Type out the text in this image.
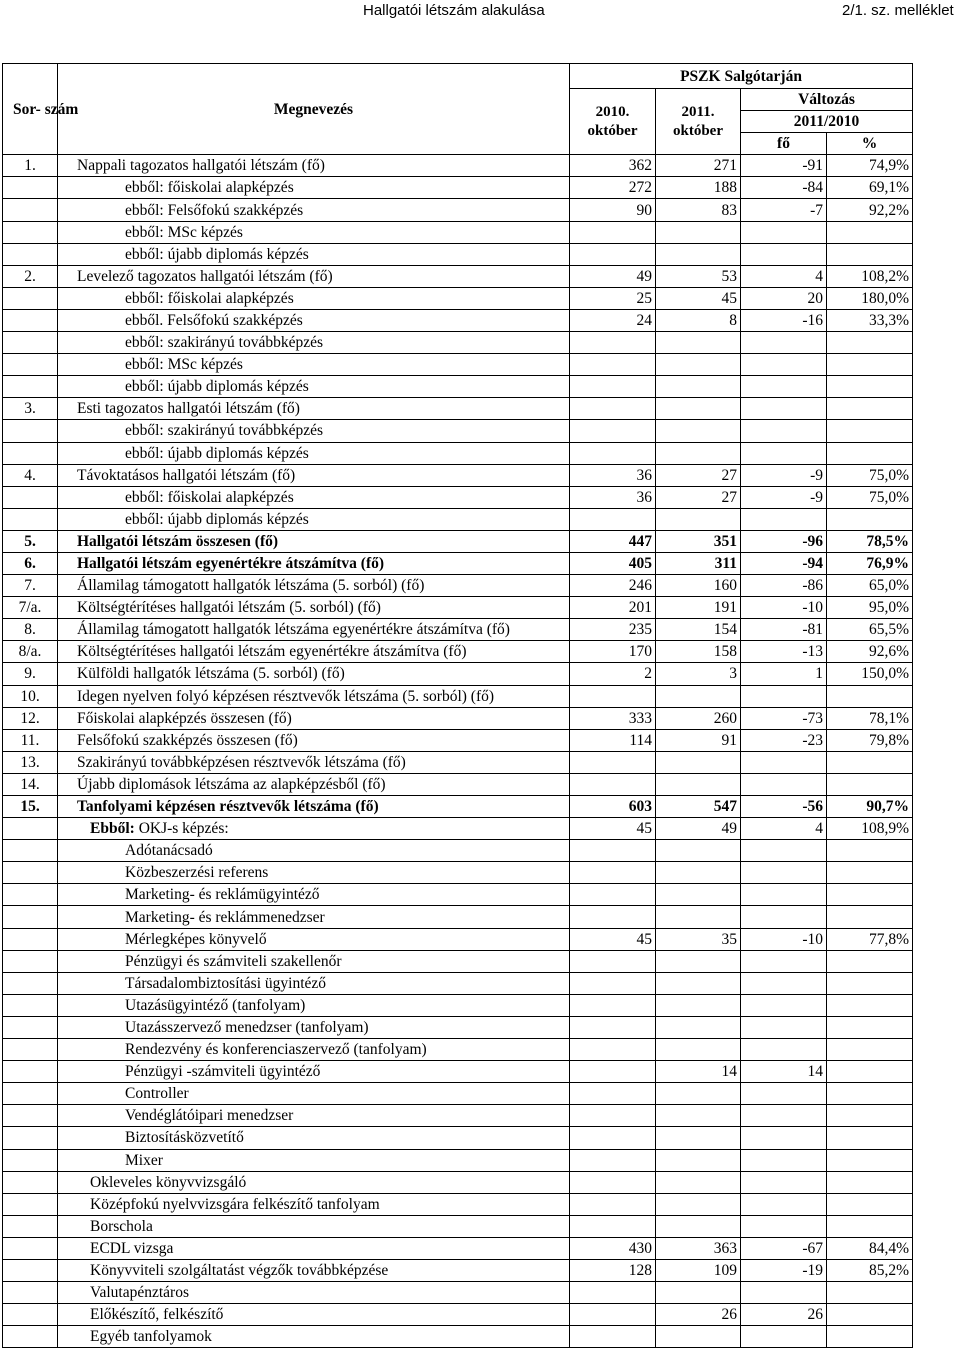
Hallgatói létszám alakulása	2/1. sz. melléklet
Sor- szám	Megnevezés	PSZK Salgótarján			
		2010. október	2011. október	Változás	
				2011/2010	
				fő	%
1.	Nappali tagozatos hallgatói létszám (fő)	362	271	-91	74,9%
	ebből: főiskolai alapképzés	272	188	-84	69,1%
	ebből: Felsőfokú szakképzés	90	83	-7	92,2%
	ebből: MSc képzés				
	ebből: újabb diplomás képzés				
2.	Levelező tagozatos hallgatói létszám (fő)	49	53	4	108,2%
	ebből: főiskolai alapképzés	25	45	20	180,0%
	ebből. Felsőfokú szakképzés	24	8	-16	33,3%
	ebből: szakirányú továbbképzés				
	ebből: MSc képzés				
	ebből: újabb diplomás képzés				
3.	Esti tagozatos hallgatói létszám (fő)				
	ebből: szakirányú továbbképzés				
	ebből: újabb diplomás képzés				
4.	Távoktatásos hallgatói létszám (fő)	36	27	-9	75,0%
	ebből: főiskolai alapképzés	36	27	-9	75,0%
	ebből: újabb diplomás képzés				
5.	Hallgatói létszám összesen (fő)	447	351	-96	78,5%
6.	Hallgatói létszám egyenértékre átszámítva (fő)	405	311	-94	76,9%
7.	Államilag támogatott hallgatók létszáma (5. sorból) (fő)	246	160	-86	65,0%
7/a.	Költségtérítéses hallgatói létszám (5. sorból) (fő)	201	191	-10	95,0%
8.	Államilag támogatott hallgatók létszáma egyenértékre átszámítva (fő)	235	154	-81	65,5%
8/a.	Költségtérítéses hallgatói létszám egyenértékre átszámítva (fő)	170	158	-13	92,6%
9.	Külföldi hallgatók létszáma (5. sorból) (fő)	2	3	1	150,0%
10.	Idegen nyelven folyó képzésen résztvevők létszáma (5. sorból) (fő)				
12.	Főiskolai alapképzés összesen (fő)	333	260	-73	78,1%
11.	Felsőfokú szakképzés összesen (fő)	114	91	-23	79,8%
13.	Szakirányú továbbképzésen résztvevők létszáma (fő)				
14.	Újabb diplomások létszáma az alapképzésből (fő)				
15.	Tanfolyami képzésen résztvevők létszáma (fő)	603	547	-56	90,7%
	Ebből: OKJ-s képzés:	45	49	4	108,9%
	Adótanácsadó				
	Közbeszerzési referens				
	Marketing- és reklámügyintéző				
	Marketing- és reklámmenedzser				
	Mérlegképes könyvelő	45	35	-10	77,8%
	Pénzügyi és számviteli szakellenőr				
	Társadalombiztosítási ügyintéző				
	Utazásügyintéző (tanfolyam)				
	Utazásszervező menedzser (tanfolyam)				
	Rendezvény és konferenciaszervező (tanfolyam)				
	Pénzügyi -számviteli ügyintéző		14	14	
	Controller				
	Vendéglátóipari menedzser				
	Biztosításközvetítő				
	Mixer				
	Okleveles könyvvizsgáló				
	Középfokú nyelvvizsgára felkészítő tanfolyam				
	Borschola				
	ECDL vizsga	430	363	-67	84,4%
	Könyvviteli szolgáltatást végzők továbbképzése	128	109	-19	85,2%
	Valutapénztáros				
	Előkészítő, felkészítő		26	26	
	Egyéb tanfolyamok				
